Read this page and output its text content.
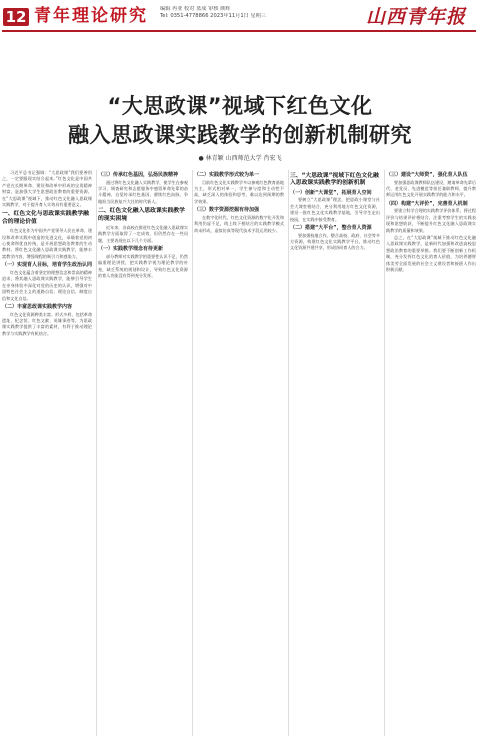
12 青年理论研究 编辑 冉亚 校对 蓝成 审核 颜辉
Tel: 0351-4778866 2023年11月1日 星期三	山西青年报
“大思政课”视域下红色文化
融入思政课实践教学的创新机制研究
● 林青颖 山西师范大学 肖宏飞

习近平总书记强调：“大思政课”我们要善用之，一定要跟现实结合起来。”红色文化是中国共产党在长期革命、建设和改革中形成的宝贵精神财富，是加强大学生思想政治教育的重要资源。在“大思政课”视域下，推动红色文化融入思政课实践教学，对于提升育人实效具有重要意义。

一、红色文化与思政课实践教学融合的理论价值

红色文化作为中国共产党领导人民在革命、建设和改革实践中创造的先进文化，承载着党的初心使命和优良传统，是开展思想政治教育的生动教材。将红色文化融入思政课实践教学，能够丰富教学内容，增强课程的吸引力和感染力。

（一）实现育人目标，培育学生政治认同

红色文化蕴含着坚定的理想信念和崇高的精神追求，将其融入思政课实践教学，能够引导学生在亲身体验中深化对党的历史的认识，增强对中国特色社会主义的道路自信、理论自信、制度自信和文化自信。

（二）丰富思政课实践教学内容

红色文化资源种类丰富、形式多样，包括革命遗址、纪念馆、红色文献、英雄事迹等，为思政课实践教学提供了丰富的素材，有利于推动理论教学与实践教学有机结合。

（三）传承红色基因，弘扬民族精神

通过将红色文化融入实践教学，使学生在参观学习、调查研究和志愿服务中感悟革命先辈的奋斗精神，自觉传承红色基因，赓续红色血脉，争做担当民族复兴大任的时代新人。

二、红色文化融入思政课实践教学的现实困境

近年来，各高校在推进红色文化融入思政课实践教学方面取得了一定成效，但仍然存在一些问题，主要表现在以下几个方面。

（一）实践教学理念有待更新

部分教师对实践教学的重要性认识不足，仍然偏重理论讲授，把实践教学视为理论教学的补充，缺乏系统的规划和设计，导致红色文化资源的育人功能没有得到充分发挥。

（二）实践教学形式较为单一

目前红色文化实践教学多以参观红色教育基地为主，形式相对单一，学生参与度和主动性不高，缺乏深入的体验和思考，难以达到预期的教学效果。

（三）数字资源挖掘有待加强

在数字化时代，红色文化资源的数字化开发和利用仍显不足，线上线下相结合的实践教学模式尚未形成，虚拟仿真等现代技术手段运用较少。

三、“大思政课”视域下红色文化融入思政课实践教学的创新机制
（一）创新“大课堂”，拓展育人空间

要树立“大思政课”理念，把思政小课堂与社会大课堂相结合，充分利用地方红色文化资源，建设一批红色文化实践教学基地，引导学生走出校园，在实践中接受教育。

（二）搭建“大平台”，整合育人资源

要加强校地合作，整合高校、政府、社会等多方资源，构建红色文化实践教学平台，推动红色文化资源共建共享，形成协同育人的合力。

（三）建设“大师资”，强化育人队伍

要加强思政课教师队伍建设，邀请革命先辈后代、老党员、先进模范等担任兼职教师，提升教师运用红色文化开展实践教学的能力和水平。

（四）构建“大评价”，完善育人机制

要建立科学合理的实践教学评价体系，将过程评价与结果评价相结合，注重考察学生的实践表现和思想收获，不断提升红色文化融入思政课实践教学的质量和效果。

总之，在“大思政课”视域下推动红色文化融入思政课实践教学，是新时代加强和改进高校思想政治教育的重要举措。我们要不断创新工作机制，充分发挥红色文化的育人价值，为培养德智体美劳全面发展的社会主义建设者和接班人作出积极贡献。
